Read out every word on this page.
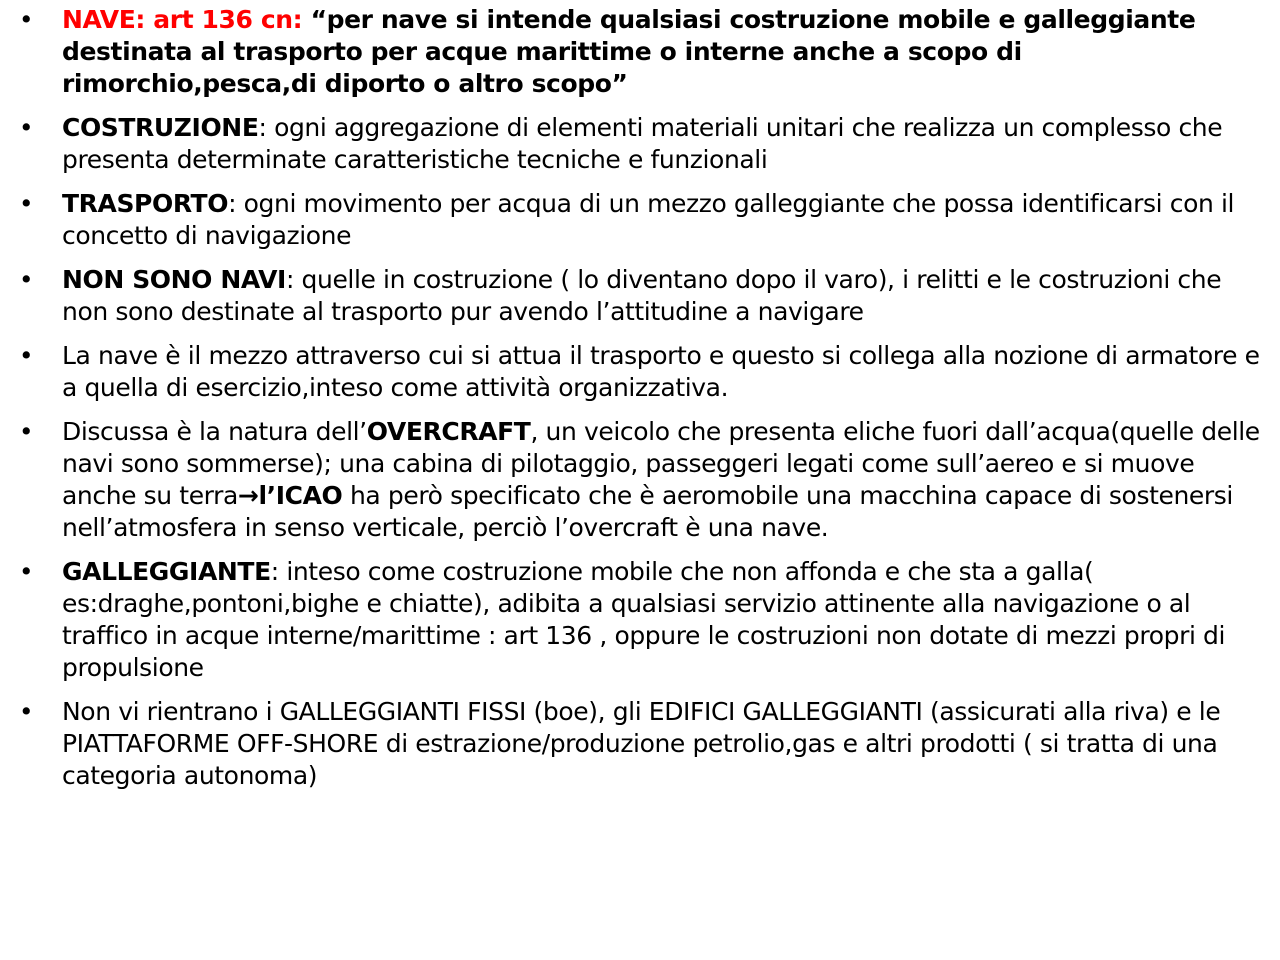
• NAVE: art 136 cn: “per nave si intende qualsiasi costruzione mobile e galleggiante destinata al trasporto per acque marittime o interne anche a scopo di rimorchio,pesca,di diporto o altro scopo”
• COSTRUZIONE: ogni aggregazione di elementi materiali unitari che realizza un complesso che presenta determinate caratteristiche tecniche e funzionali
• TRASPORTO: ogni movimento per acqua di un mezzo galleggiante che possa identificarsi con il concetto di navigazione
• NON SONO NAVI: quelle in costruzione ( lo diventano dopo il varo), i relitti e le costruzioni che non sono destinate al trasporto pur avendo l’attitudine a navigare
• La nave è il mezzo attraverso cui si attua il trasporto e questo si collega alla nozione di armatore e a quella di esercizio,inteso come attività organizzativa.
• Discussa è la natura dell’OVERCRAFT, un veicolo che presenta eliche fuori dall’acqua(quelle delle navi sono sommerse); una cabina di pilotaggio, passeggeri legati come sull’aereo e si muove anche su terra→l’ICAO ha però specificato che è aeromobile una macchina capace di sostenersi nell’atmosfera in senso verticale, perciò l’overcraft è una nave.
• GALLEGGIANTE: inteso come costruzione mobile che non affonda e che sta a galla( es:draghe,pontoni,bighe e chiatte), adibita a qualsiasi servizio attinente alla navigazione o al traffico in acque interne/marittime : art 136 , oppure le costruzioni non dotate di mezzi propri di propulsione
• Non vi rientrano i GALLEGGIANTI FISSI (boe), gli EDIFICI GALLEGGIANTI (assicurati alla riva) e le PIATTAFORME OFF-SHORE di estrazione/produzione petrolio,gas e altri prodotti ( si tratta di una categoria autonoma)
